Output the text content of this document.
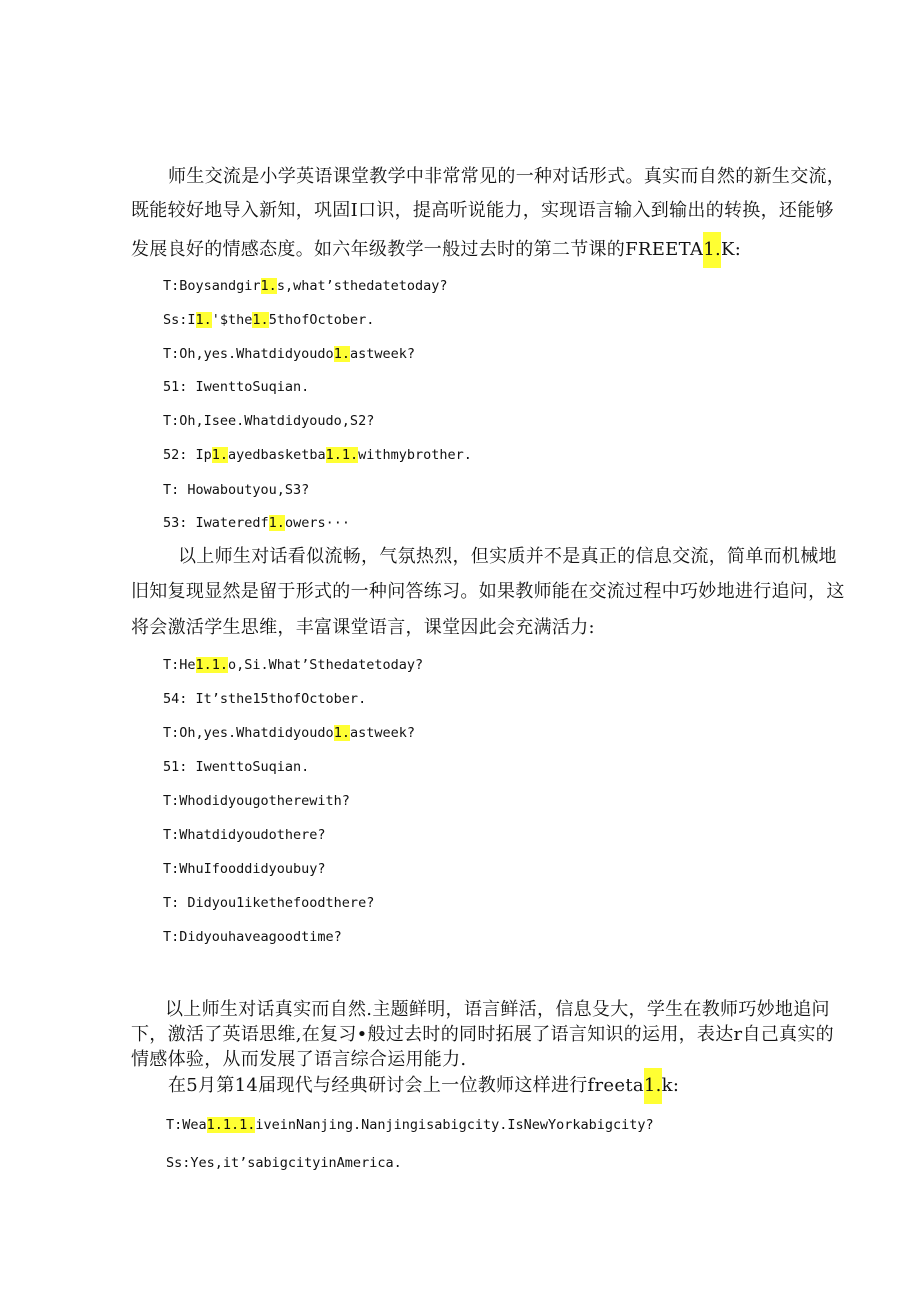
师生交流是小学英语课堂教学中非常常见的一种对话形式。真实而自然的新生交流，
既能较好地导入新知，巩固I口识，提高听说能力，实现语言输入到输出的转换，还能够
发展良好的情感态度。如六年级教学一般过去时的第二节课的FREETA1.K:
T:Boysandgir1.s,what’sthedatetoday?
Ss:I1.'$the1.5thofOctober.
T:Oh,yes.Whatdidyoudo1.astweek?
51: IwenttoSuqian.
T:Oh,Isee.Whatdidyoudo,S2?
52: Ip1.ayedbasketba1.1.withmybrother.
T: Howaboutyou,S3?
53: Iwateredf1.owers···
以上师生对话看似流畅，气氛热烈，但实质并不是真正的信息交流，简单而机械地
旧知复现显然是留于形式的一种问答练习。如果教师能在交流过程中巧妙地进行追问，这
将会激活学生思维，丰富课堂语言，课堂因此会充满活力:
T:He1.1.o,Si.What’Sthedatetoday?
54: It’sthe15thofOctober.
T:Oh,yes.Whatdidyoudo1.astweek?
51: IwenttoSuqian.
T:Whodidyougotherewith?
T:Whatdidyoudothere?
T:WhuIfooddidyoubuy?
T: Didyou1ikethefoodthere?
T:Didyouhaveagoodtime?
以上师生对话真实而自然.主题鲜明，语言鲜活，信息殳大，学生在教师巧妙地追问
下，激活了英语思维,在复习•般过去时的同时拓展了语言知识的运用，表达r自己真实的
情感体验，从而发展了语言综合运用能力.
在5月第14届现代与经典研讨会上一位教师这样进行freeta1.k:
T:Wea1.1.1.iveinNanjing.Nanjingisabigcity.IsNewYorkabigcity?
Ss:Yes,it’sabigcityinAmerica.
